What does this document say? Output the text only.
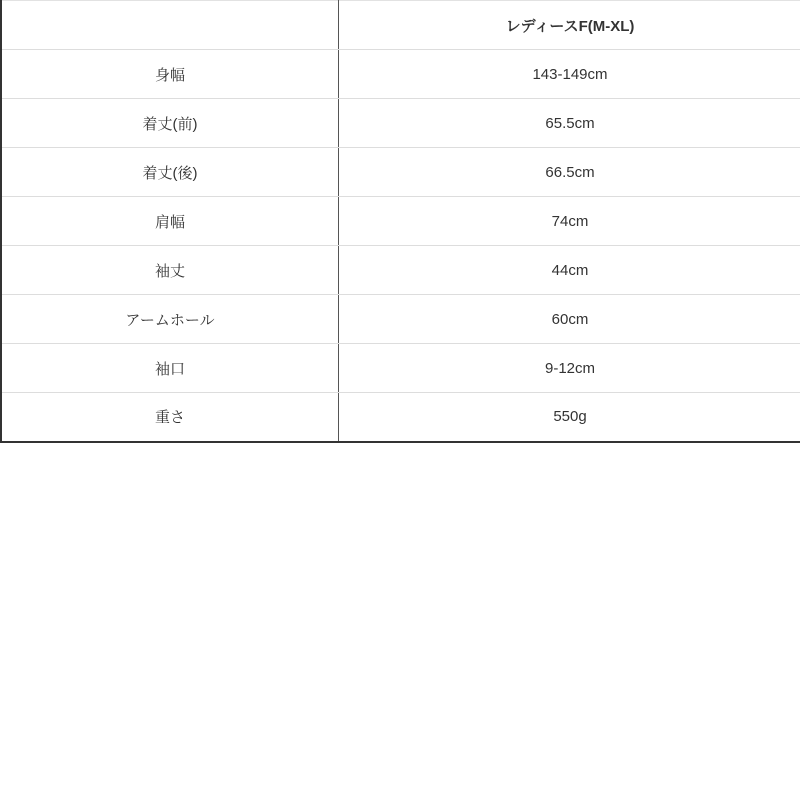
	レディースF(M-XL)
身幅	143-149cm
着丈(前)	65.5cm
着丈(後)	66.5cm
肩幅	74cm
袖丈	44cm
アームホール	60cm
袖口	9-12cm
重さ	550g
